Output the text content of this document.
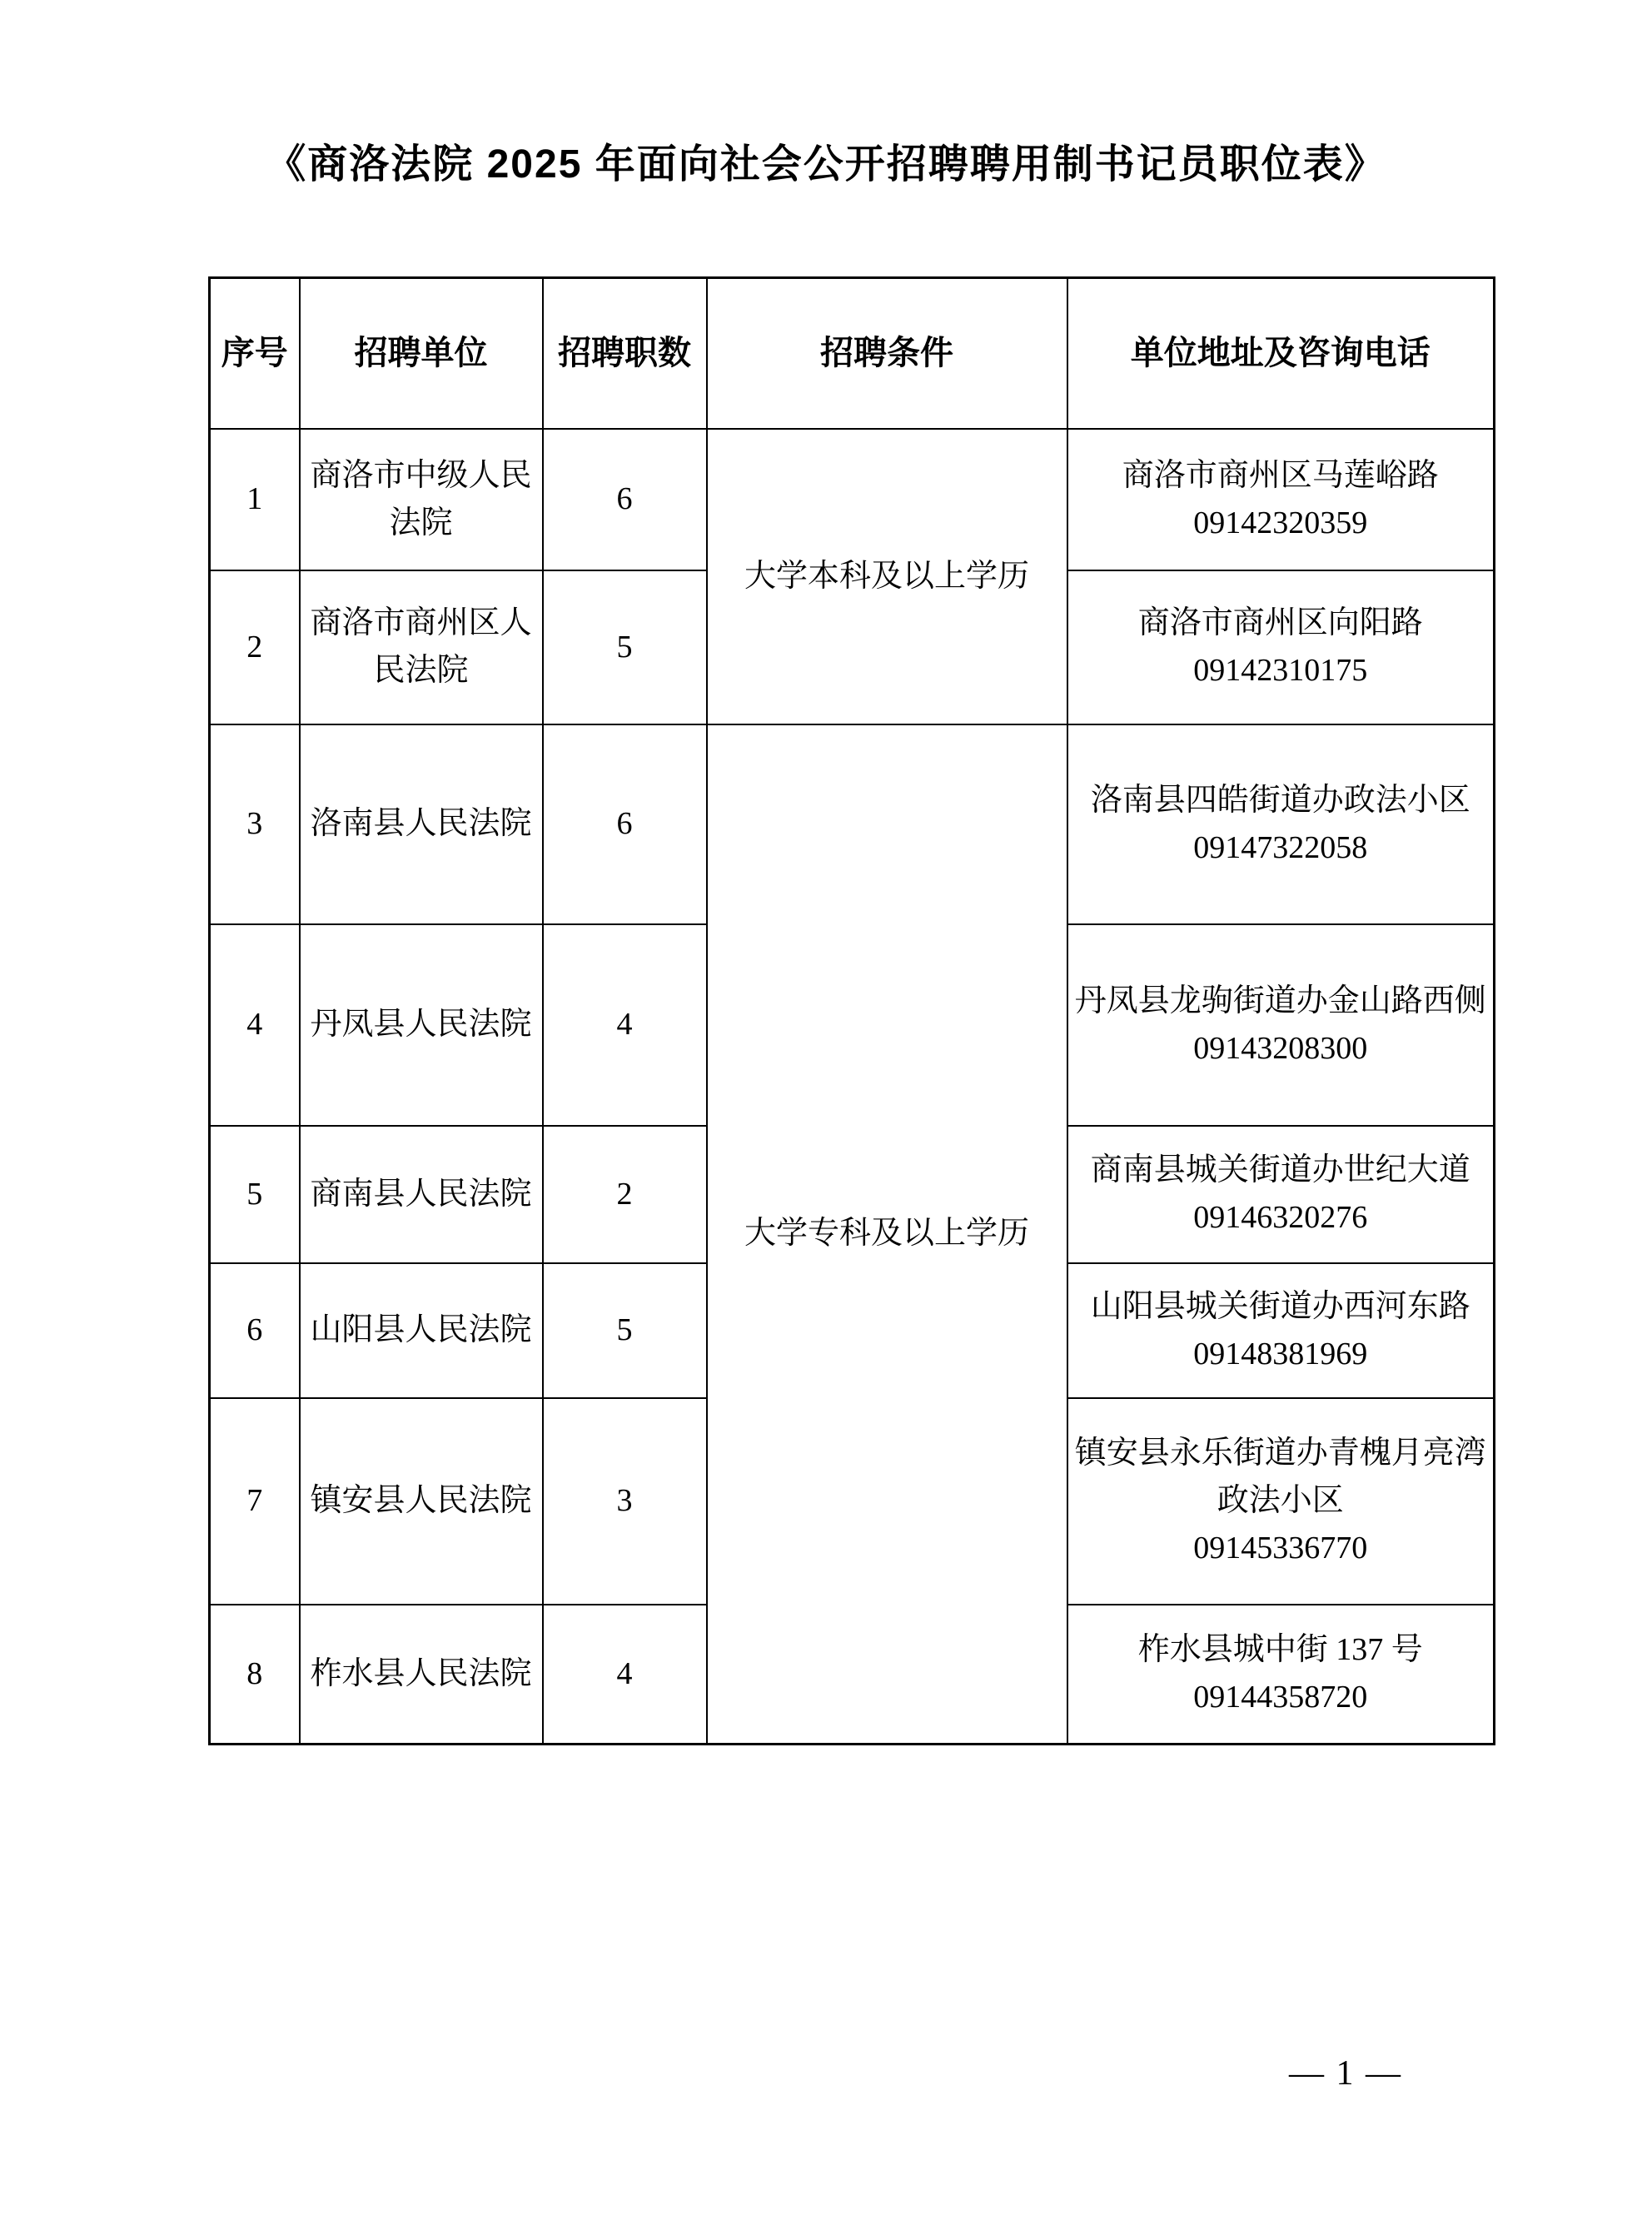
《商洛法院 2025 年面向社会公开招聘聘用制书记员职位表》
序号	招聘单位	招聘职数	招聘条件	单位地址及咨询电话
1	商洛市中级人民法院	6	大学本科及以上学历	商洛市商州区马莲峪路
09142320359

2	商洛市商州区人民法院	5		商洛市商州区向阳路
09142310175

3	洛南县人民法院	6	大学专科及以上学历	洛南县四皓街道办政法小区
09147322058

4	丹凤县人民法院	4		丹凤县龙驹街道办金山路西侧
09143208300

5	商南县人民法院	2		商南县城关街道办世纪大道
09146320276

6	山阳县人民法院	5		山阳县城关街道办西河东路
09148381969

7	镇安县人民法院	3		镇安县永乐街道办青槐月亮湾政法小区
09145336770

8	柞水县人民法院	4		柞水县城中街 137 号
09144358720
— 1 —
